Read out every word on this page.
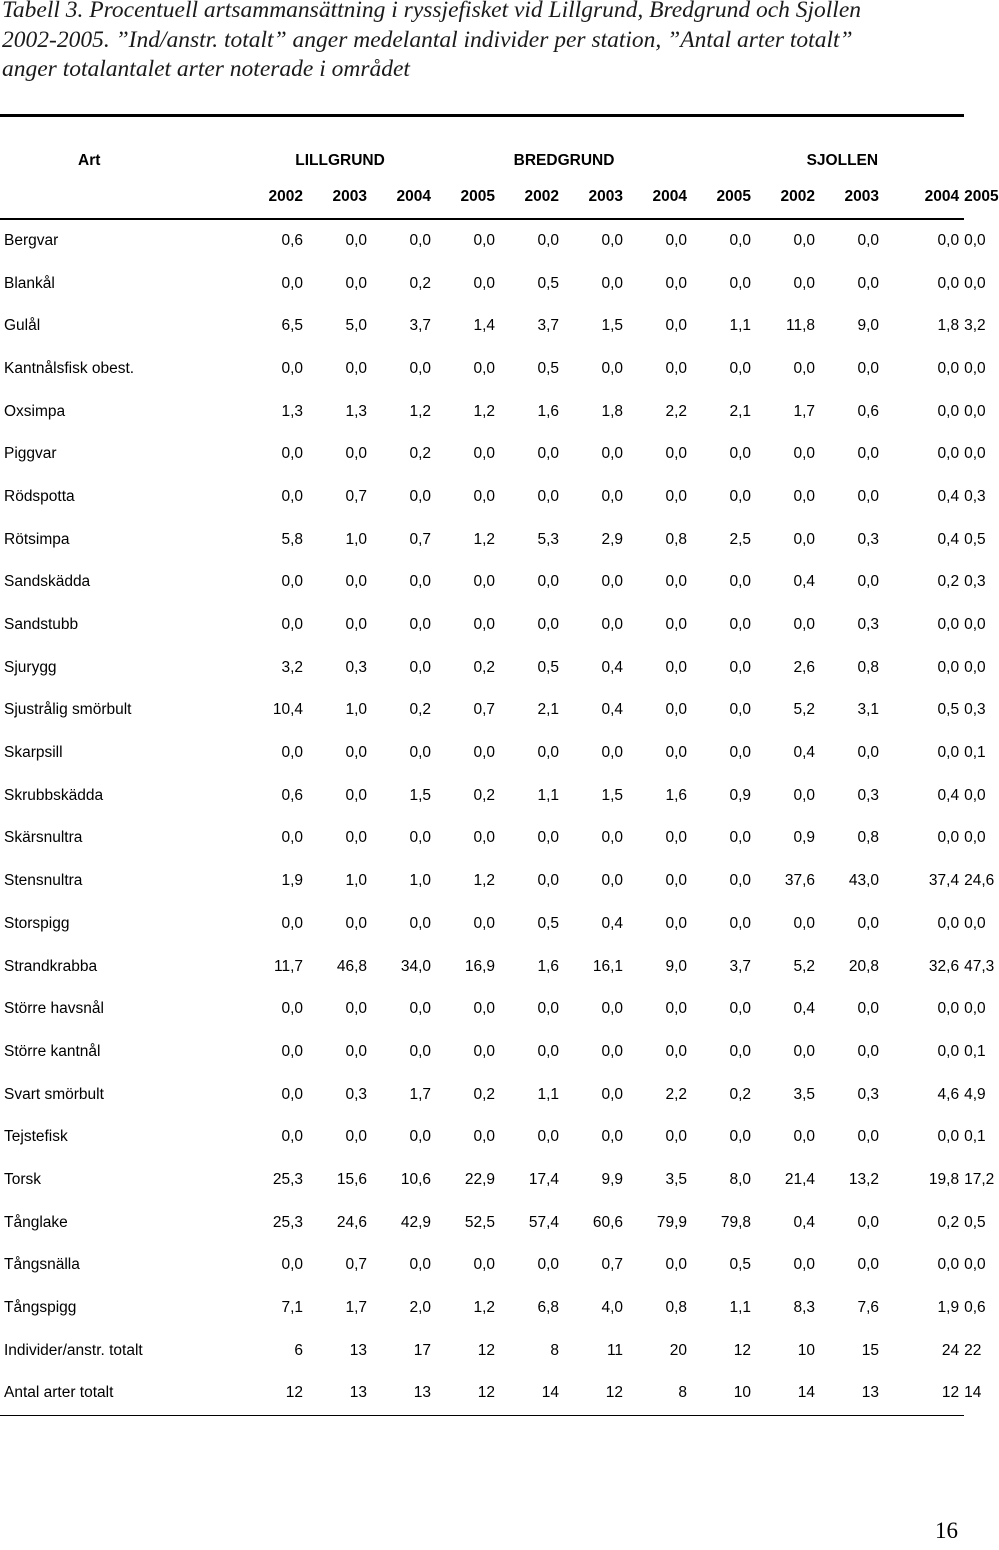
Tabell 3. Procentuell artsammansättning i ryssjefisket vid Lillgrund, Bredgrund och Sjollen
2002-2005. ”Ind/anstr. totalt” anger medelantal individer per station, ”Antal arter totalt”
anger totalantalet arter noterade i området
Art	LILLGRUND			BREDGRUND				SJOLLEN				
	2002	2003	2004	2005	2002	2003	2004	2005	2002	2003	2004	2005
Bergvar	0,6	0,0	0,0	0,0	0,0	0,0	0,0	0,0	0,0	0,0	0,0	0,0
Blankål	0,0	0,0	0,2	0,0	0,5	0,0	0,0	0,0	0,0	0,0	0,0	0,0
Gulål	6,5	5,0	3,7	1,4	3,7	1,5	0,0	1,1	11,8	9,0	1,8	3,2
Kantnålsfisk obest.	0,0	0,0	0,0	0,0	0,5	0,0	0,0	0,0	0,0	0,0	0,0	0,0
Oxsimpa	1,3	1,3	1,2	1,2	1,6	1,8	2,2	2,1	1,7	0,6	0,0	0,0
Piggvar	0,0	0,0	0,2	0,0	0,0	0,0	0,0	0,0	0,0	0,0	0,0	0,0
Rödspotta	0,0	0,7	0,0	0,0	0,0	0,0	0,0	0,0	0,0	0,0	0,4	0,3
Rötsimpa	5,8	1,0	0,7	1,2	5,3	2,9	0,8	2,5	0,0	0,3	0,4	0,5
Sandskädda	0,0	0,0	0,0	0,0	0,0	0,0	0,0	0,0	0,4	0,0	0,2	0,3
Sandstubb	0,0	0,0	0,0	0,0	0,0	0,0	0,0	0,0	0,0	0,3	0,0	0,0
Sjurygg	3,2	0,3	0,0	0,2	0,5	0,4	0,0	0,0	2,6	0,8	0,0	0,0
Sjustrålig smörbult	10,4	1,0	0,2	0,7	2,1	0,4	0,0	0,0	5,2	3,1	0,5	0,3
Skarpsill	0,0	0,0	0,0	0,0	0,0	0,0	0,0	0,0	0,4	0,0	0,0	0,1
Skrubbskädda	0,6	0,0	1,5	0,2	1,1	1,5	1,6	0,9	0,0	0,3	0,4	0,0
Skärsnultra	0,0	0,0	0,0	0,0	0,0	0,0	0,0	0,0	0,9	0,8	0,0	0,0
Stensnultra	1,9	1,0	1,0	1,2	0,0	0,0	0,0	0,0	37,6	43,0	37,4	24,6
Storspigg	0,0	0,0	0,0	0,0	0,5	0,4	0,0	0,0	0,0	0,0	0,0	0,0
Strandkrabba	11,7	46,8	34,0	16,9	1,6	16,1	9,0	3,7	5,2	20,8	32,6	47,3
Större havsnål	0,0	0,0	0,0	0,0	0,0	0,0	0,0	0,0	0,4	0,0	0,0	0,0
Större kantnål	0,0	0,0	0,0	0,0	0,0	0,0	0,0	0,0	0,0	0,0	0,0	0,1
Svart smörbult	0,0	0,3	1,7	0,2	1,1	0,0	2,2	0,2	3,5	0,3	4,6	4,9
Tejstefisk	0,0	0,0	0,0	0,0	0,0	0,0	0,0	0,0	0,0	0,0	0,0	0,1
Torsk	25,3	15,6	10,6	22,9	17,4	9,9	3,5	8,0	21,4	13,2	19,8	17,2
Tånglake	25,3	24,6	42,9	52,5	57,4	60,6	79,9	79,8	0,4	0,0	0,2	0,5
Tångsnälla	0,0	0,7	0,0	0,0	0,0	0,7	0,0	0,5	0,0	0,0	0,0	0,0
Tångspigg	7,1	1,7	2,0	1,2	6,8	4,0	0,8	1,1	8,3	7,6	1,9	0,6
Individer/anstr. totalt	6	13	17	12	8	11	20	12	10	15	24	22
Antal arter totalt	12	13	13	12	14	12	8	10	14	13	12	14
16
